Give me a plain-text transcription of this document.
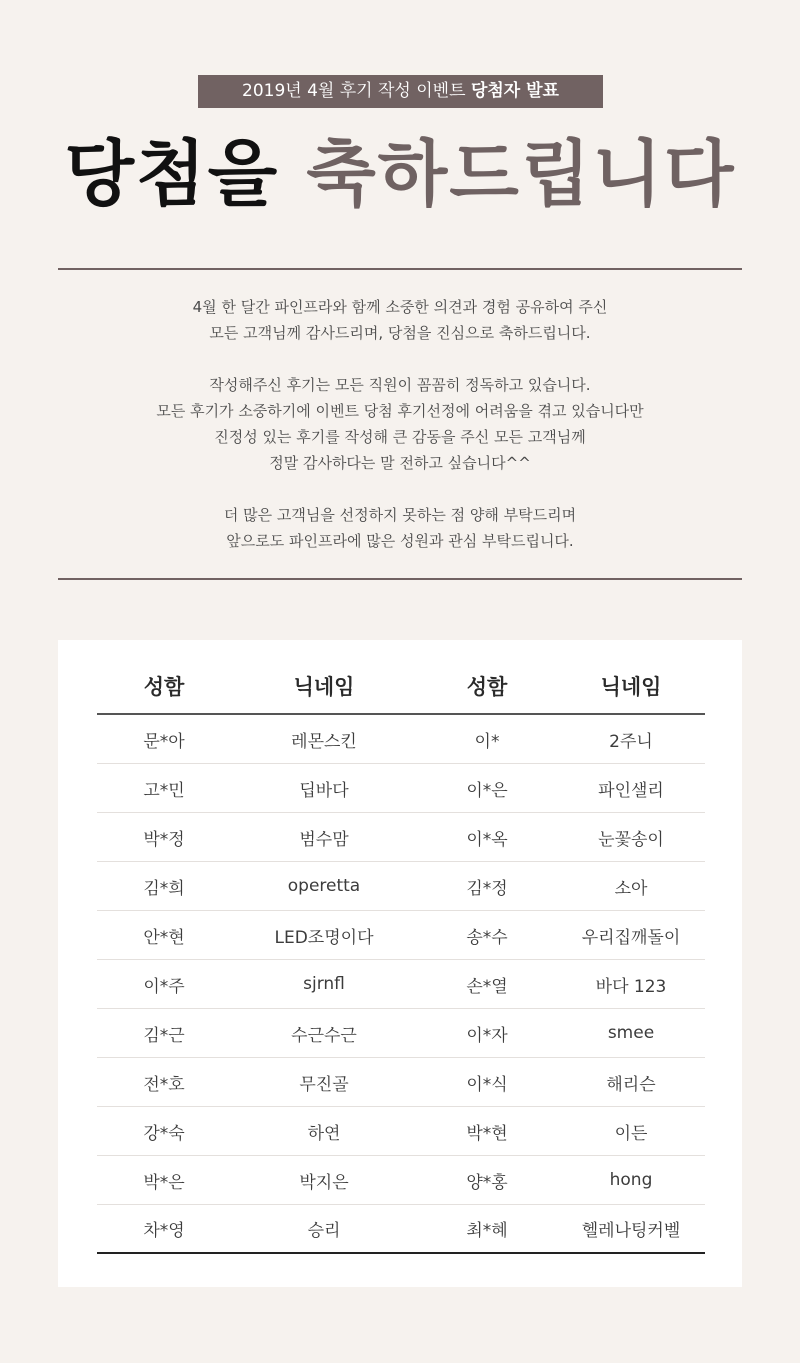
2019년 4월 후기 작성 이벤트 당첨자 발표
당첨을 축하드립니다

4월 한 달간 파인프라와 함께 소중한 의견과 경험 공유하여 주신

모든 고객님께 감사드리며, 당첨을 진심으로 축하드립니다.

작성해주신 후기는 모든 직원이 꼼꼼히 정독하고 있습니다.

모든 후기가 소중하기에 이벤트 당첨 후기선정에 어려움을 겪고 있습니다만

진정성 있는 후기를 작성해 큰 감동을 주신 모든 고객님께

정말 감사하다는 말 전하고 싶습니다^^

더 많은 고객님을 선정하지 못하는 점 양해 부탁드리며

앞으로도 파인프라에 많은 성원과 관심 부탁드립니다.

성함	닉네임	성함	닉네임
문*아	레몬스킨	이*	2주니
고*민	딥바다	이*은	파인샐리
박*정	범수맘	이*옥	눈꽃송이
김*희	operetta	김*정	소아
안*현	LED조명이다	송*수	우리집깨돌이
이*주	sjrnfl	손*열	바다 123
김*근	수근수근	이*자	smee
전*호	무진골	이*식	해리슨
강*숙	하연	박*현	이든
박*은	박지은	양*홍	hong
차*영	승리	최*혜	헬레나팅커벨
